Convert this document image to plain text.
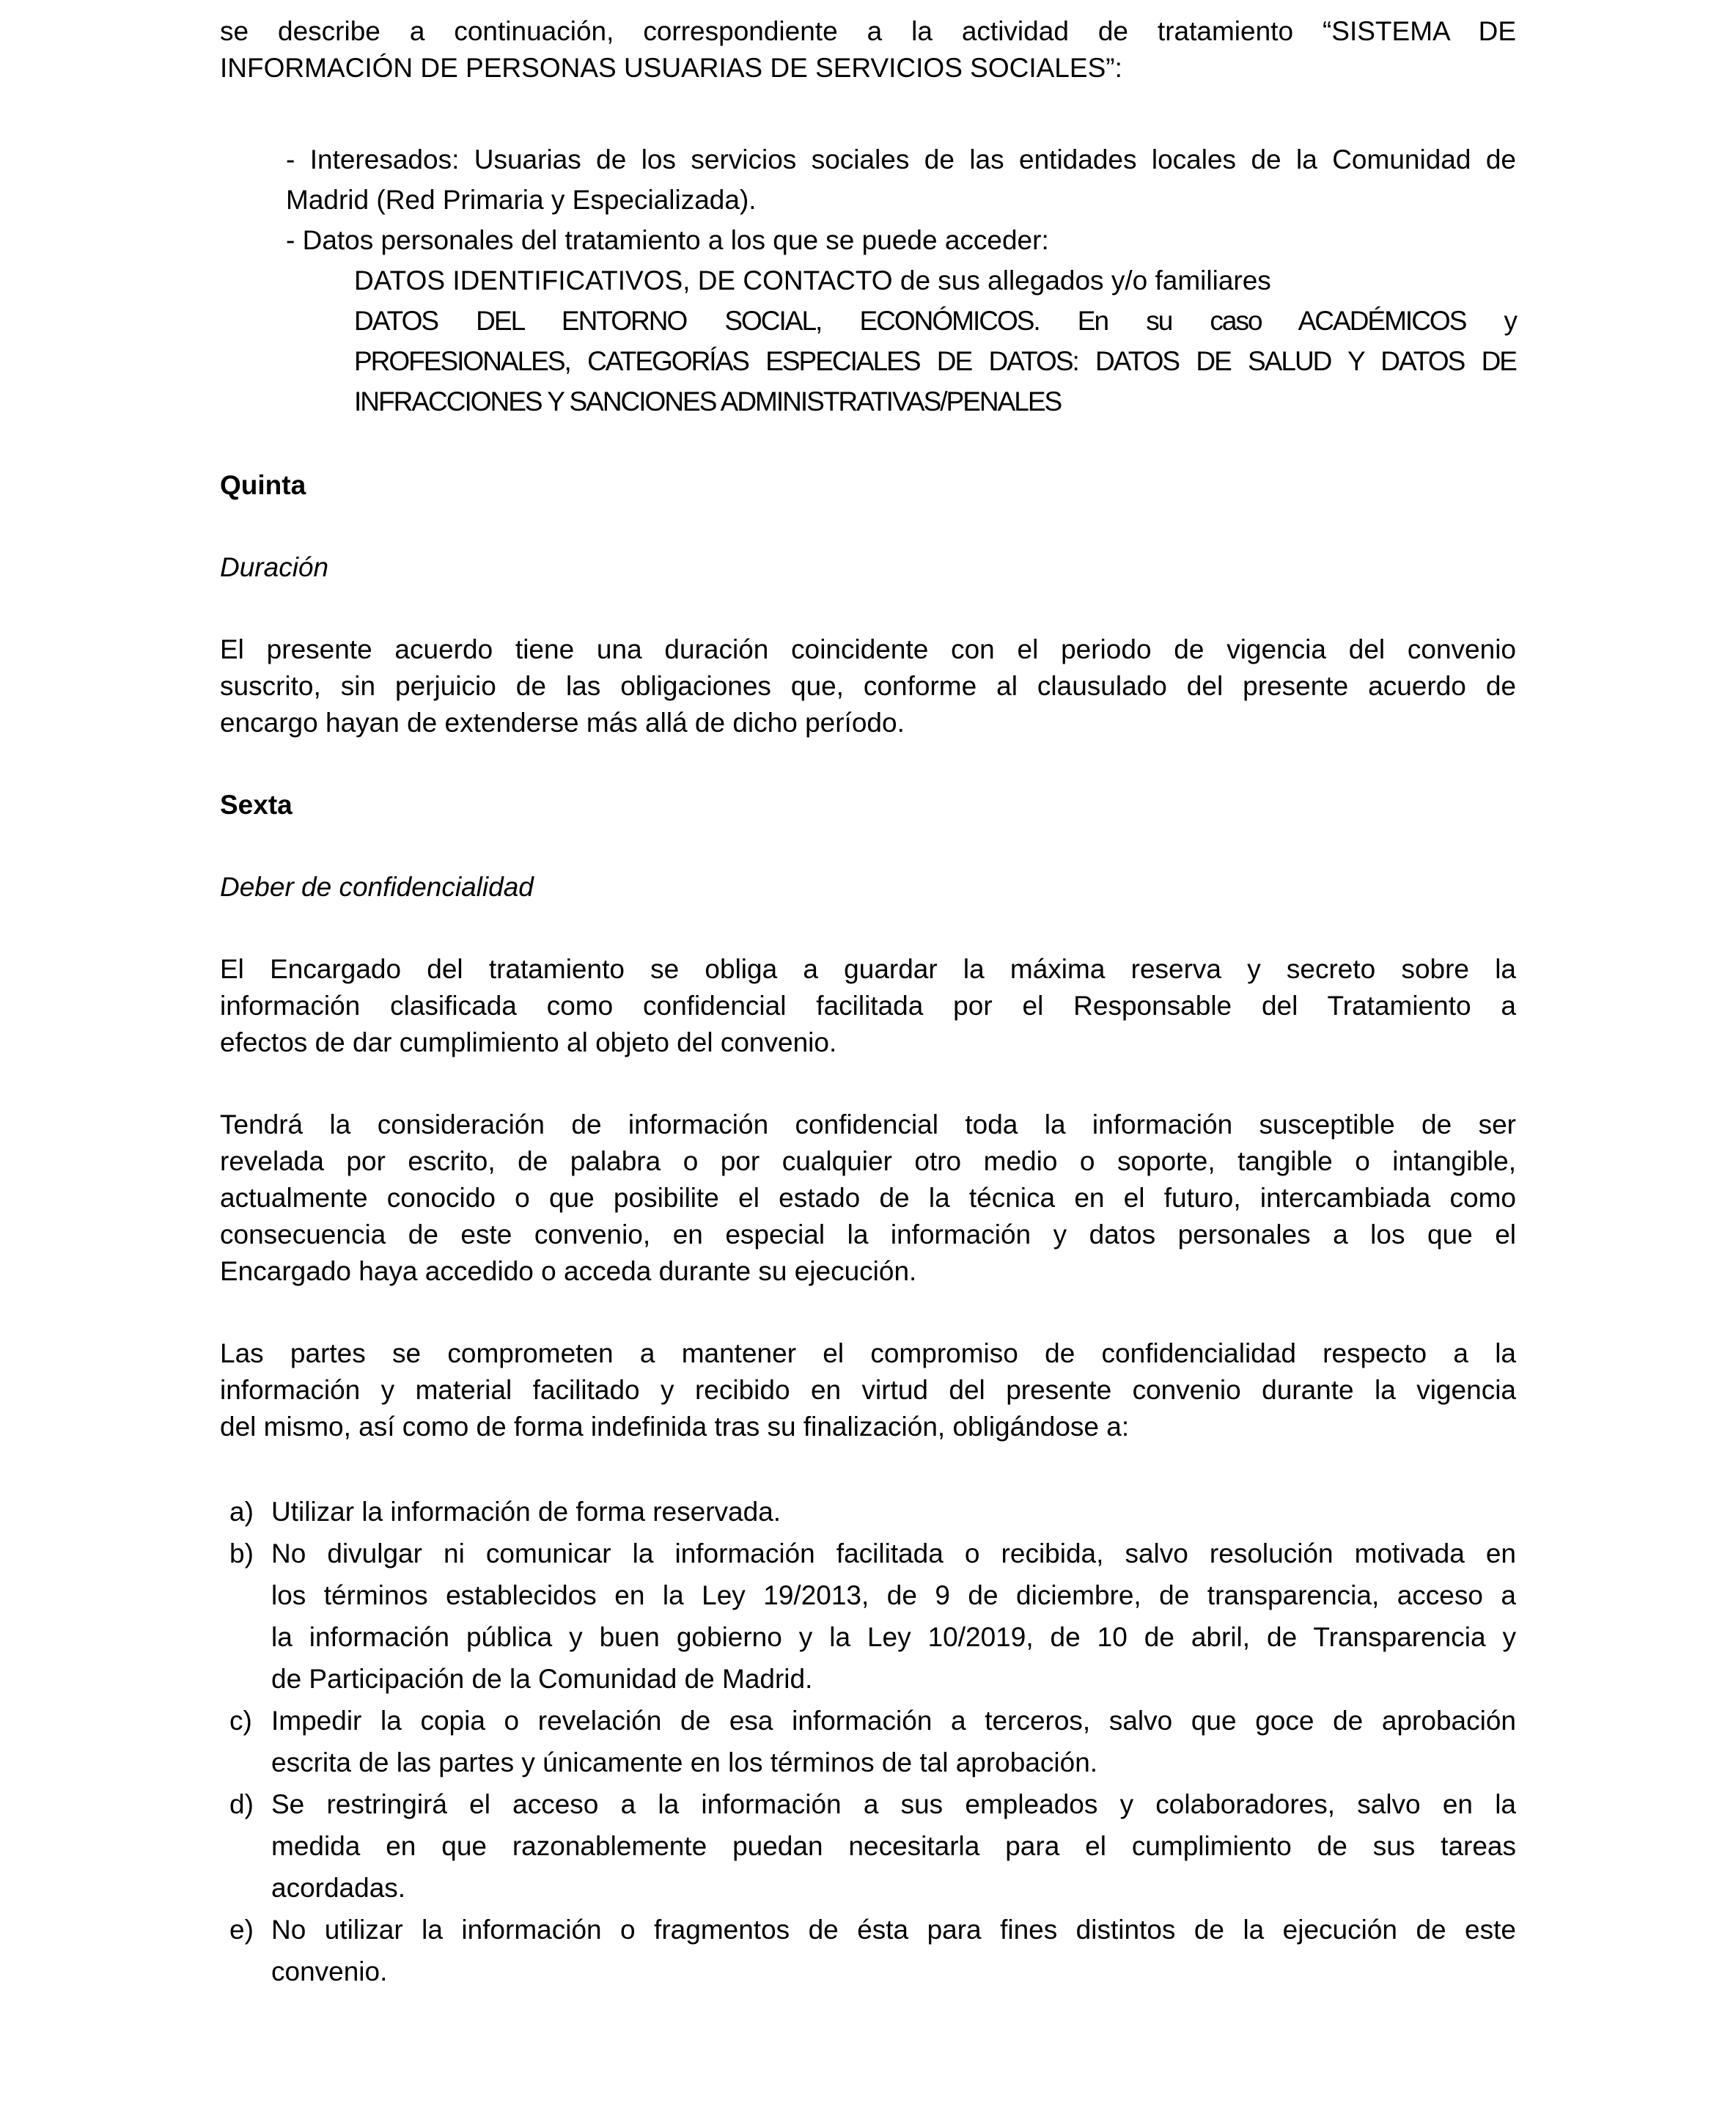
se describe a continuación, correspondiente a la actividad de tratamiento “SISTEMA DE
INFORMACIÓN DE PERSONAS USUARIAS DE SERVICIOS SOCIALES”:
- Interesados: Usuarias de los servicios sociales de las entidades locales de la Comunidad de
Madrid (Red Primaria y Especializada).
- Datos personales del tratamiento a los que se puede acceder:
DATOS IDENTIFICATIVOS, DE CONTACTO de sus allegados y/o familiares
DATOS DEL ENTORNO SOCIAL, ECONÓMICOS. En su caso ACADÉMICOS y
PROFESIONALES, CATEGORÍAS ESPECIALES DE DATOS: DATOS DE SALUD Y DATOS DE
INFRACCIONES Y SANCIONES ADMINISTRATIVAS/PENALES
Quinta
Duración
El presente acuerdo tiene una duración coincidente con el periodo de vigencia del convenio
suscrito, sin perjuicio de las obligaciones que, conforme al clausulado del presente acuerdo de
encargo hayan de extenderse más allá de dicho período.
Sexta
Deber de confidencialidad
El Encargado del tratamiento se obliga a guardar la máxima reserva y secreto sobre la
información clasificada como confidencial facilitada por el Responsable del Tratamiento a
efectos de dar cumplimiento al objeto del convenio.
Tendrá la consideración de información confidencial toda la información susceptible de ser
revelada por escrito, de palabra o por cualquier otro medio o soporte, tangible o intangible,
actualmente conocido o que posibilite el estado de la técnica en el futuro, intercambiada como
consecuencia de este convenio, en especial la información y datos personales a los que el
Encargado haya accedido o acceda durante su ejecución.
Las partes se comprometen a mantener el compromiso de confidencialidad respecto a la
información y material facilitado y recibido en virtud del presente convenio durante la vigencia
del mismo, así como de forma indefinida tras su finalización, obligándose a:
a) Utilizar la información de forma reservada.
b) No divulgar ni comunicar la información facilitada o recibida, salvo resolución motivada en
los términos establecidos en la Ley 19/2013, de 9 de diciembre, de transparencia, acceso a
la información pública y buen gobierno y la Ley 10/2019, de 10 de abril, de Transparencia y
de Participación de la Comunidad de Madrid.
c) Impedir la copia o revelación de esa información a terceros, salvo que goce de aprobación
escrita de las partes y únicamente en los términos de tal aprobación.
d) Se restringirá el acceso a la información a sus empleados y colaboradores, salvo en la
medida en que razonablemente puedan necesitarla para el cumplimiento de sus tareas
acordadas.
e) No utilizar la información o fragmentos de ésta para fines distintos de la ejecución de este
convenio.
